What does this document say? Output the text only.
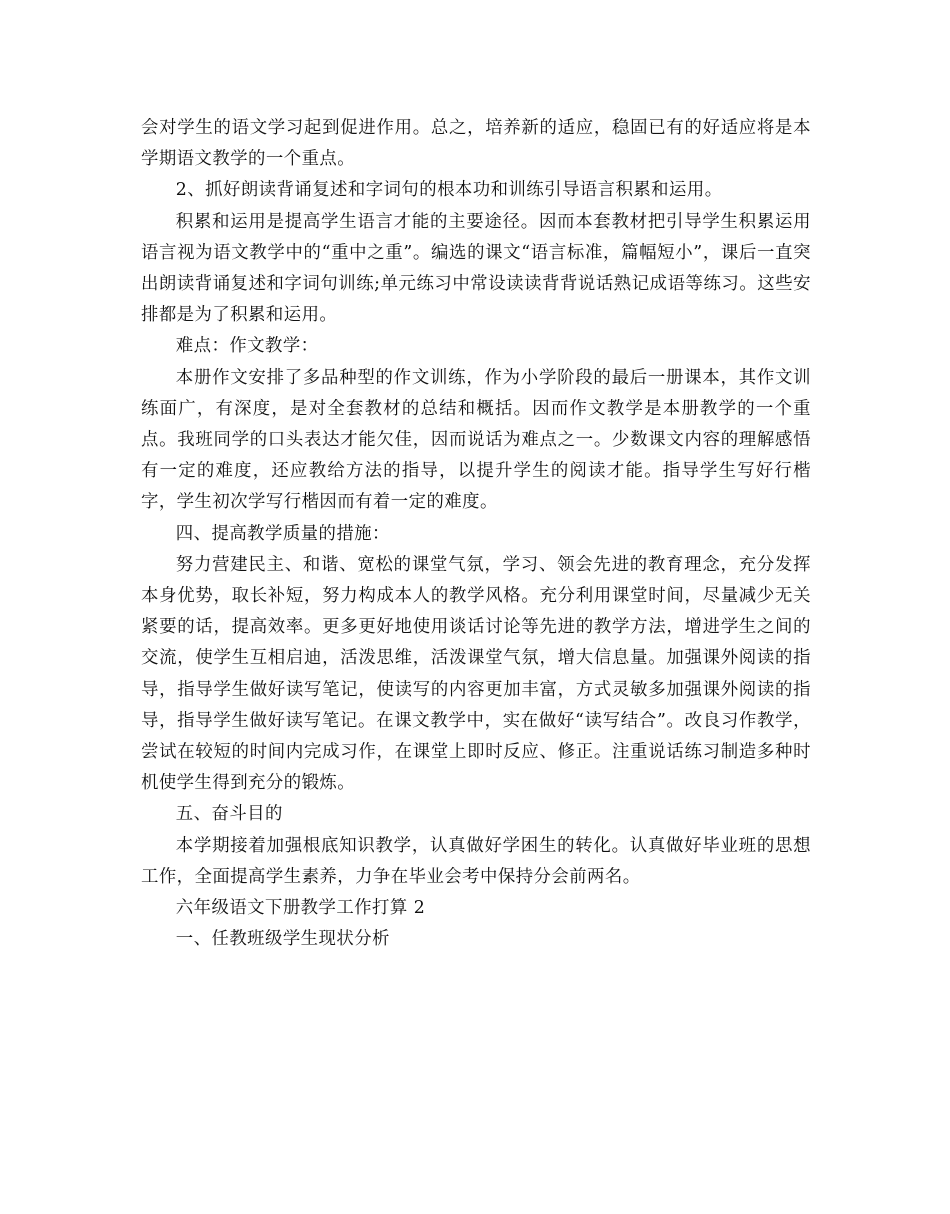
会对学生的语文学习起到促进作用。总之，培养新的适应，稳固已有的好适应将是本学期语文教学的一个重点。

2、抓好朗读背诵复述和字词句的根本功和训练引导语言积累和运用。

积累和运用是提高学生语言才能的主要途径。因而本套教材把引导学生积累运用语言视为语文教学中的“重中之重”。编选的课文“语言标准，篇幅短小”，课后一直突出朗读背诵复述和字词句训练;单元练习中常设读读背背说话熟记成语等练习。这些安排都是为了积累和运用。

难点：作文教学：

本册作文安排了多品种型的作文训练，作为小学阶段的最后一册课本，其作文训练面广，有深度，是对全套教材的总结和概括。因而作文教学是本册教学的一个重点。我班同学的口头表达才能欠佳，因而说话为难点之一。少数课文内容的理解感悟有一定的难度，还应教给方法的指导，以提升学生的阅读才能。指导学生写好行楷字，学生初次学写行楷因而有着一定的难度。

四、提高教学质量的措施：

努力营建民主、和谐、宽松的课堂气氛，学习、领会先进的教育理念，充分发挥本身优势，取长补短，努力构成本人的教学风格。充分利用课堂时间，尽量减少无关紧要的话，提高效率。更多更好地使用谈话讨论等先进的教学方法，增进学生之间的交流，使学生互相启迪，活泼思维，活泼课堂气氛，增大信息量。加强课外阅读的指导，指导学生做好读写笔记，使读写的内容更加丰富，方式灵敏多加强课外阅读的指导，指导学生做好读写笔记。在课文教学中，实在做好“读写结合”。改良习作教学，尝试在较短的时间内完成习作，在课堂上即时反应、修正。注重说话练习制造多种时机使学生得到充分的锻炼。

五、奋斗目的

本学期接着加强根底知识教学，认真做好学困生的转化。认真做好毕业班的思想工作，全面提高学生素养，力争在毕业会考中保持分会前两名。

六年级语文下册教学工作打算 2

一、任教班级学生现状分析
